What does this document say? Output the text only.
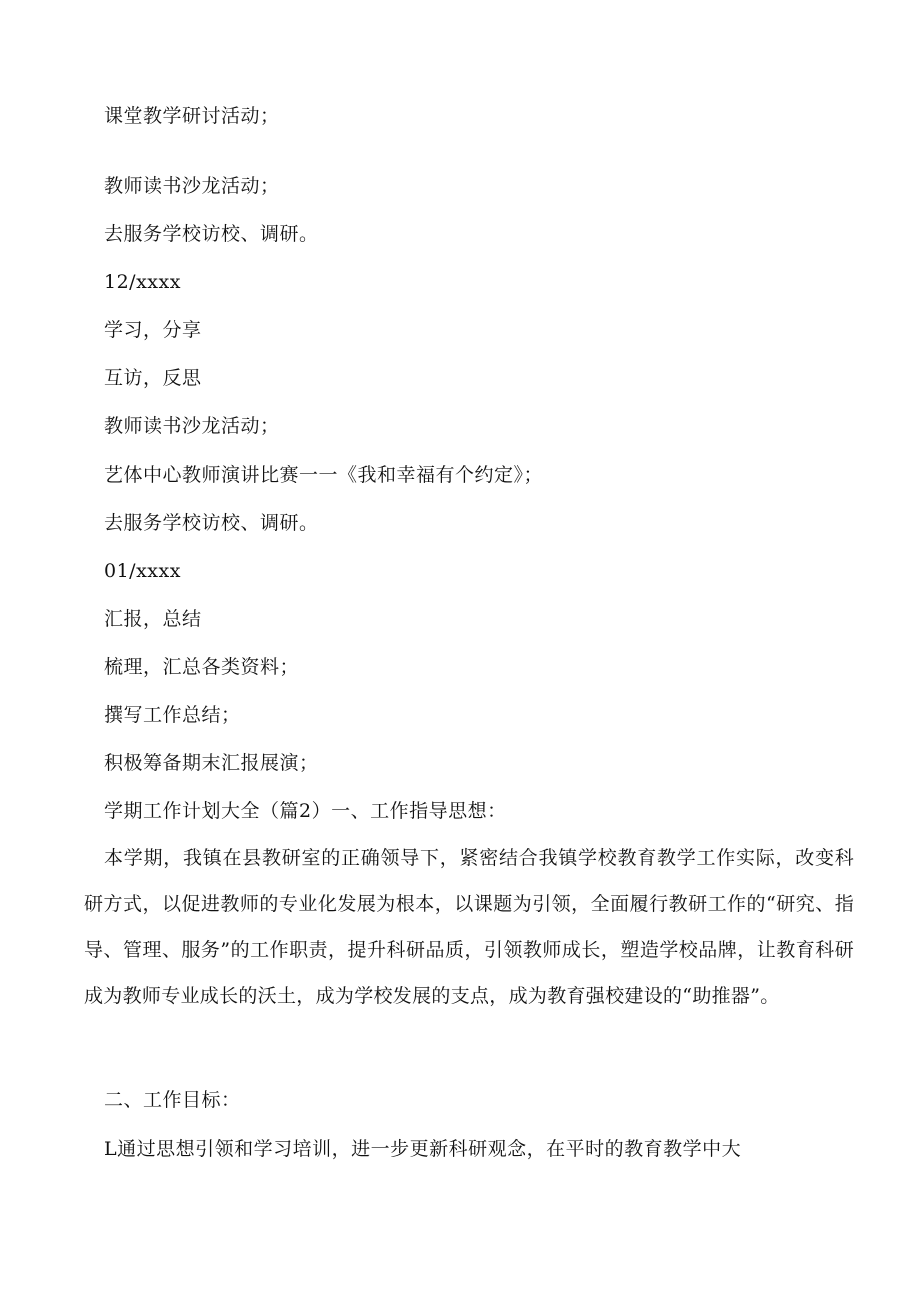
课堂教学研讨活动；
教师读书沙龙活动；
去服务学校访校、调研。
12/xxxx
学习，分享
互访，反思
教师读书沙龙活动；
艺体中心教师演讲比赛一一《我和幸福有个约定》；
去服务学校访校、调研。
01/xxxx
汇报，总结
梳理，汇总各类资料；
撰写工作总结；
积极筹备期末汇报展演；
学期工作计划大全（篇2）一、工作指导思想：
本学期，我镇在县教研室的正确领导下，紧密结合我镇学校教育教学工作实际，改变科研方式，以促进教师的专业化发展为根本，以课题为引领，全面履行教研工作的“研究、指导、管理、服务”的工作职责，提升科研品质，引领教师成长，塑造学校品牌，让教育科研成为教师专业成长的沃土，成为学校发展的支点，成为教育强校建设的“助推器”。
二、工作目标：
L通过思想引领和学习培训，进一步更新科研观念，在平时的教育教学中大
